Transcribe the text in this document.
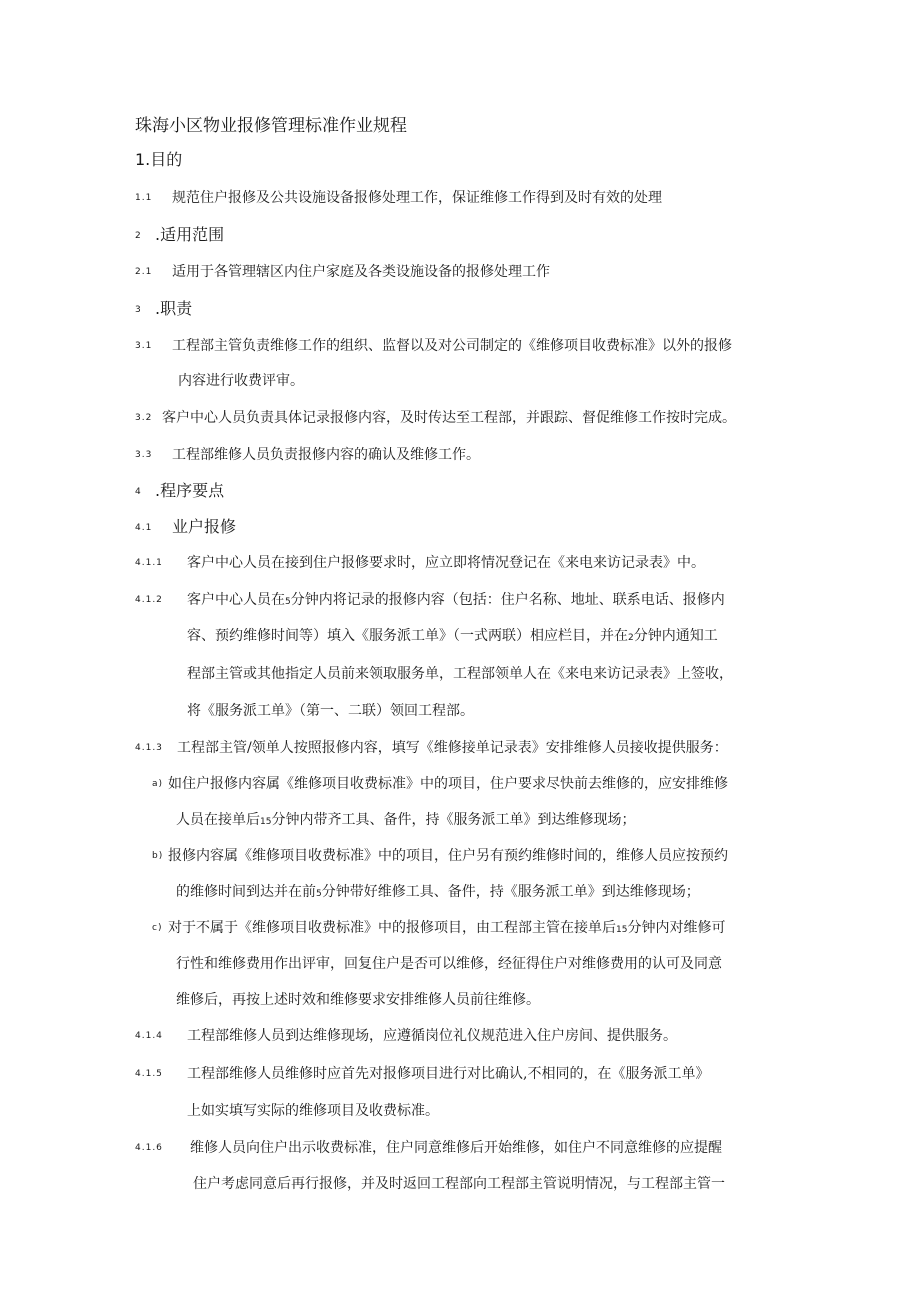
珠海小区物业报修管理标准作业规程
1.目的
1.1 规范住户报修及公共设施设备报修处理工作，保证维修工作得到及时有效的处理
2 .适用范围
2.1 适用于各管理辖区内住户家庭及各类设施设备的报修处理工作
3 .职责
3.1 工程部主管负责维修工作的组织、监督以及对公司制定的《维修项目收费标准》以外的报修
内容进行收费评审。
3.2 客户中心人员负责具体记录报修内容，及时传达至工程部，并跟踪、督促维修工作按时完成。
3.3 工程部维修人员负责报修内容的确认及维修工作。
4 .程序要点
4.1 业户报修
4.1.1 客户中心人员在接到住户报修要求时，应立即将情况登记在《来电来访记录表》中。
4.1.2 客户中心人员在5分钟内将记录的报修内容（包括：住户名称、地址、联系电话、报修内
容、预约维修时间等）填入《服务派工单》（一式两联）相应栏目，并在2分钟内通知工
程部主管或其他指定人员前来领取服务单，工程部领单人在《来电来访记录表》上签收，
将《服务派工单》（第一、二联）领回工程部。
4.1.3 工程部主管/领单人按照报修内容，填写《维修接单记录表》安排维修人员接收提供服务：
a) 如住户报修内容属《维修项目收费标准》中的项目，住户要求尽快前去维修的，应安排维修
人员在接单后15分钟内带齐工具、备件，持《服务派工单》到达维修现场；
b) 报修内容属《维修项目收费标准》中的项目，住户另有预约维修时间的，维修人员应按预约
的维修时间到达并在前5分钟带好维修工具、备件，持《服务派工单》到达维修现场；
c) 对于不属于《维修项目收费标准》中的报修项目，由工程部主管在接单后15分钟内对维修可
行性和维修费用作出评审，回复住户是否可以维修，经征得住户对维修费用的认可及同意
维修后，再按上述时效和维修要求安排维修人员前往维修。
4.1.4 工程部维修人员到达维修现场，应遵循岗位礼仪规范进入住户房间、提供服务。
4.1.5 工程部维修人员维修时应首先对报修项目进行对比确认,不相同的，在《服务派工单》
上如实填写实际的维修项目及收费标准。
4.1.6 维修人员向住户出示收费标准，住户同意维修后开始维修，如住户不同意维修的应提醒
住户考虑同意后再行报修，并及时返回工程部向工程部主管说明情况，与工程部主管一
